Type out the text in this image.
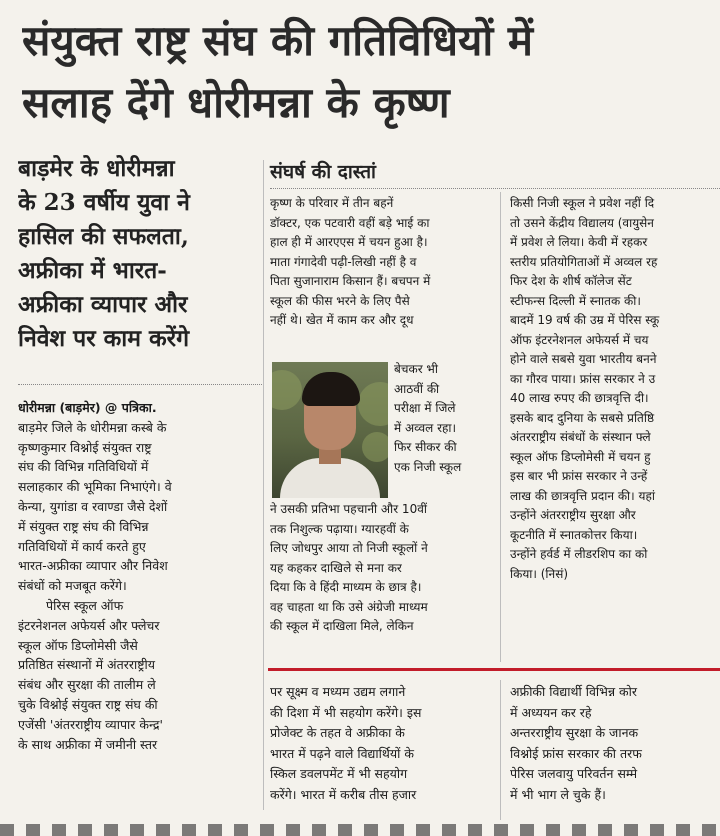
संयुक्त राष्ट्र संघ की गतिविधियों में
सलाह देंगे धोरीमन्ना के कृष्ण
बाड़मेर के धोरीमन्ना
के 23 वर्षीय युवा ने
हासिल की सफलता,
अफ्रीका में भारत-
अफ्रीका व्यापार और
निवेश पर काम करेंगे
संघर्ष की दास्तां
धोरीमन्ना (बाड़मेर) @ पत्रिका.
बाड़मेर जिले के धोरीमन्ना कस्बे के
कृष्णकुमार विश्नोई संयुक्त राष्ट्र
संघ की विभिन्न गतिविधियों में
सलाहकार की भूमिका निभाएंगे। वे
केन्या, युगांडा व रवाण्डा जैसे देशों
में संयुक्त राष्ट्र संघ की विभिन्न
गतिविधियों में कार्य करते हुए
भारत-अफ्रीका व्यापार और निवेश
संबंधों को मजबूत करेंगे।
पेरिस स्कूल ऑफ
इंटरनेशनल अफेयर्स और फ्लेचर
स्कूल ऑफ डिप्लोमेसी जैसे
प्रतिष्ठित संस्थानों में अंतरराष्ट्रीय
संबंध और सुरक्षा की तालीम ले
चुके विश्नोई संयुक्त राष्ट्र संघ की
एजेंसी 'अंतरराष्ट्रीय व्यापार केन्द्र'
के साथ अफ्रीका में जमीनी स्तर
कृष्ण के परिवार में तीन बहनें
डॉक्टर, एक पटवारी वहीं बड़े भाई का
हाल ही में आरएएस में चयन हुआ है।
माता गंगादेवी पढ़ी-लिखी नहीं है व
पिता सुजानाराम किसान हैं। बचपन में
स्कूल की फीस भरने के लिए पैसे
नहीं थे। खेत में काम कर और दूध
बेचकर भी
आठवीं की
परीक्षा में जिले
में अव्वल रहा।
फिर सीकर की
एक निजी स्कूल
ने उसकी प्रतिभा पहचानी और 10वीं
तक निशुल्क पढ़ाया। ग्यारहवीं के
लिए जोधपुर आया तो निजी स्कूलों ने
यह कहकर दाखिले से मना कर
दिया कि वे हिंदी माध्यम के छात्र है।
वह चाहता था कि उसे अंग्रेजी माध्यम
की स्कूल में दाखिला मिले, लेकिन
किसी निजी स्कूल ने प्रवेश नहीं दि
तो उसने केंद्रीय विद्यालय (वायुसेन
में प्रवेश ले लिया। केवी में रहकर
स्तरीय प्रतियोगिताओं में अव्वल रह
फिर देश के शीर्ष कॉलेज सेंट
स्टीफन्स दिल्ली में स्नातक की।
बादमें 19 वर्ष की उम्र में पेरिस स्कू
ऑफ इंटरनेशनल अफेयर्स में चय
होने वाले सबसे युवा भारतीय बनने
का गौरव पाया। फ्रांस सरकार ने उ
40 लाख रुपए की छात्रवृत्ति दी।
इसके बाद दुनिया के सबसे प्रतिष्ठि
अंतरराष्ट्रीय संबंधों के संस्थान फ्ले
स्कूल ऑफ डिप्लोमेसी में चयन हु
इस बार भी फ्रांस सरकार ने उन्हें
लाख की छात्रवृत्ति प्रदान की। यहां
उन्होंने अंतरराष्ट्रीय सुरक्षा और
कूटनीति में स्नातकोत्तर किया।
उन्होंने हर्वर्ड में लीडरशिप का को
किया। (निसं)
पर सूक्ष्म व मध्यम उद्यम लगाने
की दिशा में भी सहयोग करेंगे। इस
प्रोजेक्ट के तहत वे अफ्रीका के
भारत में पढ़ने वाले विद्यार्थियों के
स्किल डवलपमेंट में भी सहयोग
करेंगे। भारत में करीब तीस हजार
अफ्रीकी विद्यार्थी विभिन्न कोर
में अध्ययन कर रहे
अन्तरराष्ट्रीय सुरक्षा के जानक
विश्नोई फ्रांस सरकार की तरफ
पेरिस जलवायु परिवर्तन सम्मे
में भी भाग ले चुके हैं।
